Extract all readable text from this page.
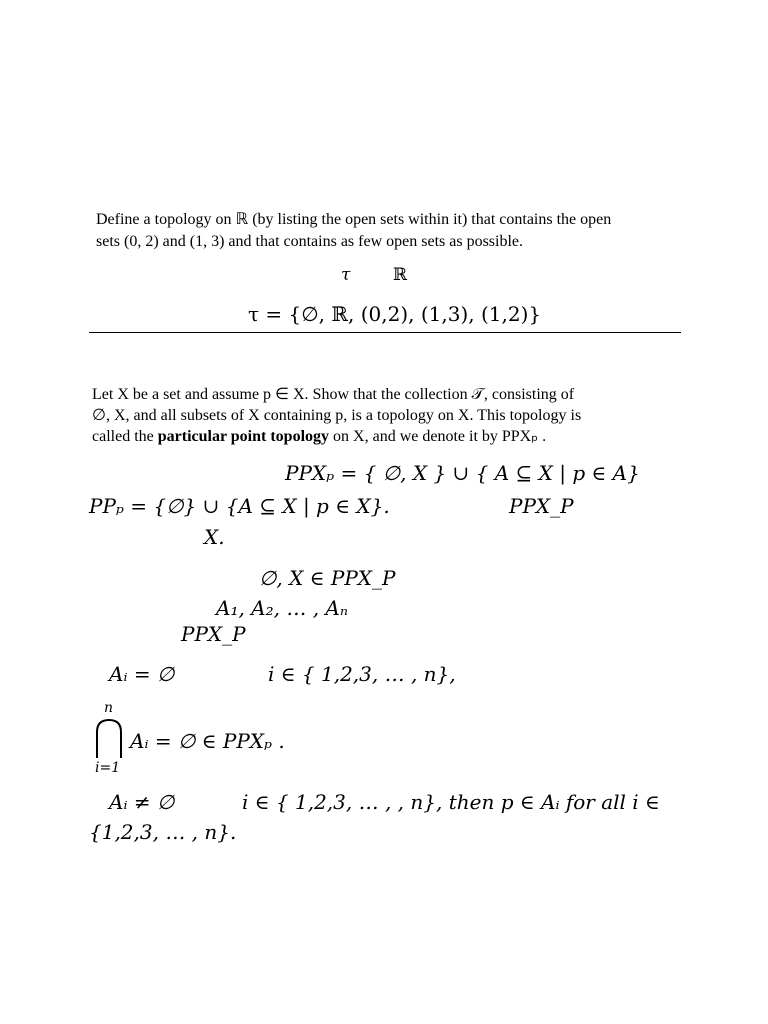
Define a topology on ℝ (by listing the open sets within it) that contains the open
sets (0, 2) and (1, 3) and that contains as few open sets as possible.
τ	ℝ
τ = {∅, ℝ, (0,2), (1,3), (1,2)}
Let X be a set and assume p ∈ X. Show that the collection 𝒯, consisting of
∅, X, and all subsets of X containing p, is a topology on X. This topology is
called the particular point topology on X, and we denote it by PPXₚ .
PPXₚ = { ∅, X } ∪ { A ⊆ X | p ∈ A}
PPₚ = {∅} ∪ {A ⊆ X | p ∈ X}.	PPX_P
X.
∅, X ∈ PPX_P
A₁, A₂, … , Aₙ
PPX_P
Aᵢ = ∅	i ∈ { 1,2,3, … , n},
n
i=1
Aᵢ = ∅ ∈ PPXₚ .
Aᵢ ≠ ∅	i ∈ { 1,2,3, … , , n}, then p ∈ Aᵢ for all i ∈
{1,2,3, … , n}.
